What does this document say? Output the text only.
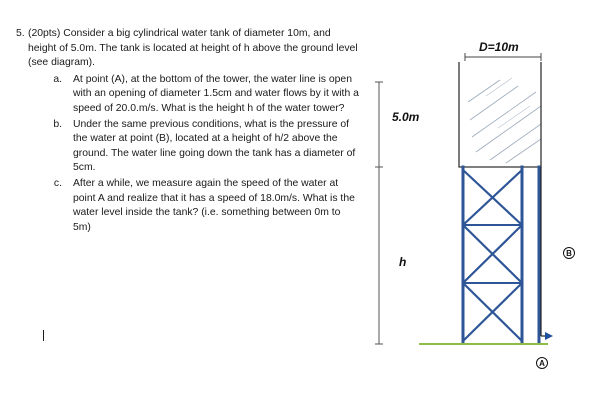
5. (20pts) Consider a big cylindrical water tank of diameter 10m, and height of 5.0m. The tank is located at height of h above the ground level (see diagram).
a.	At point (A), at the bottom of the tower, the water line is open with an opening of diameter 1.5cm and water flows by it with a speed of 20.0.m/s. What is the height h of the water tower?
b.	Under the same previous conditions, what is the pressure of the water at point (B), located at a height of h/2 above the ground. The water line going down the tank has a diameter of 5cm.
c.	After a while, we measure again the speed of the water at point A and realize that it has a speed of 18.0m/s. What is the water level inside the tank? (i.e. something between 0m to 5m)
D=10m
5.0m
h
B
A
